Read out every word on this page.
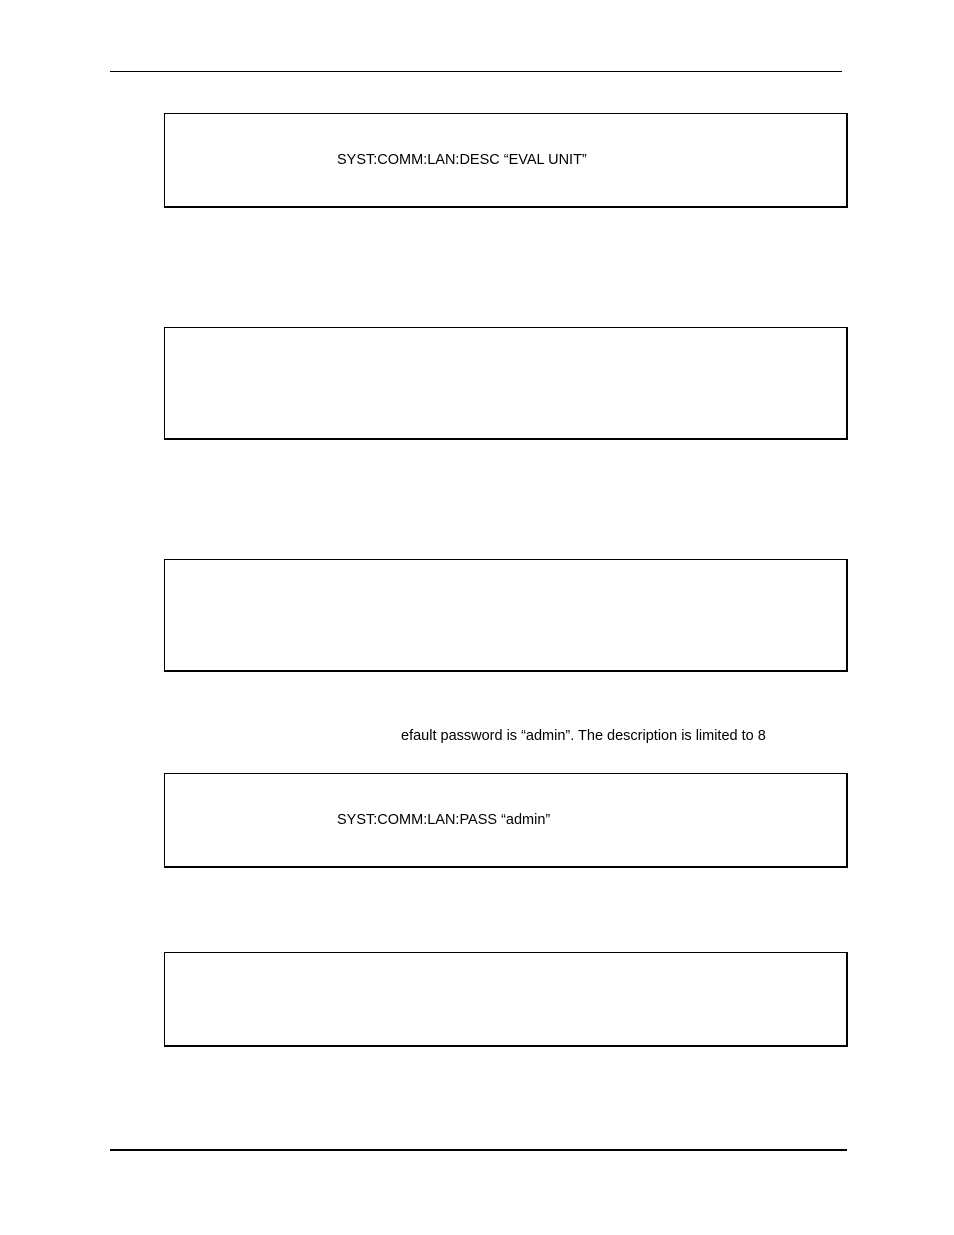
SYST:COMM:LAN:DESC “EVAL UNIT”
efault password is “admin”. The description is limited to 8
SYST:COMM:LAN:PASS “admin”
